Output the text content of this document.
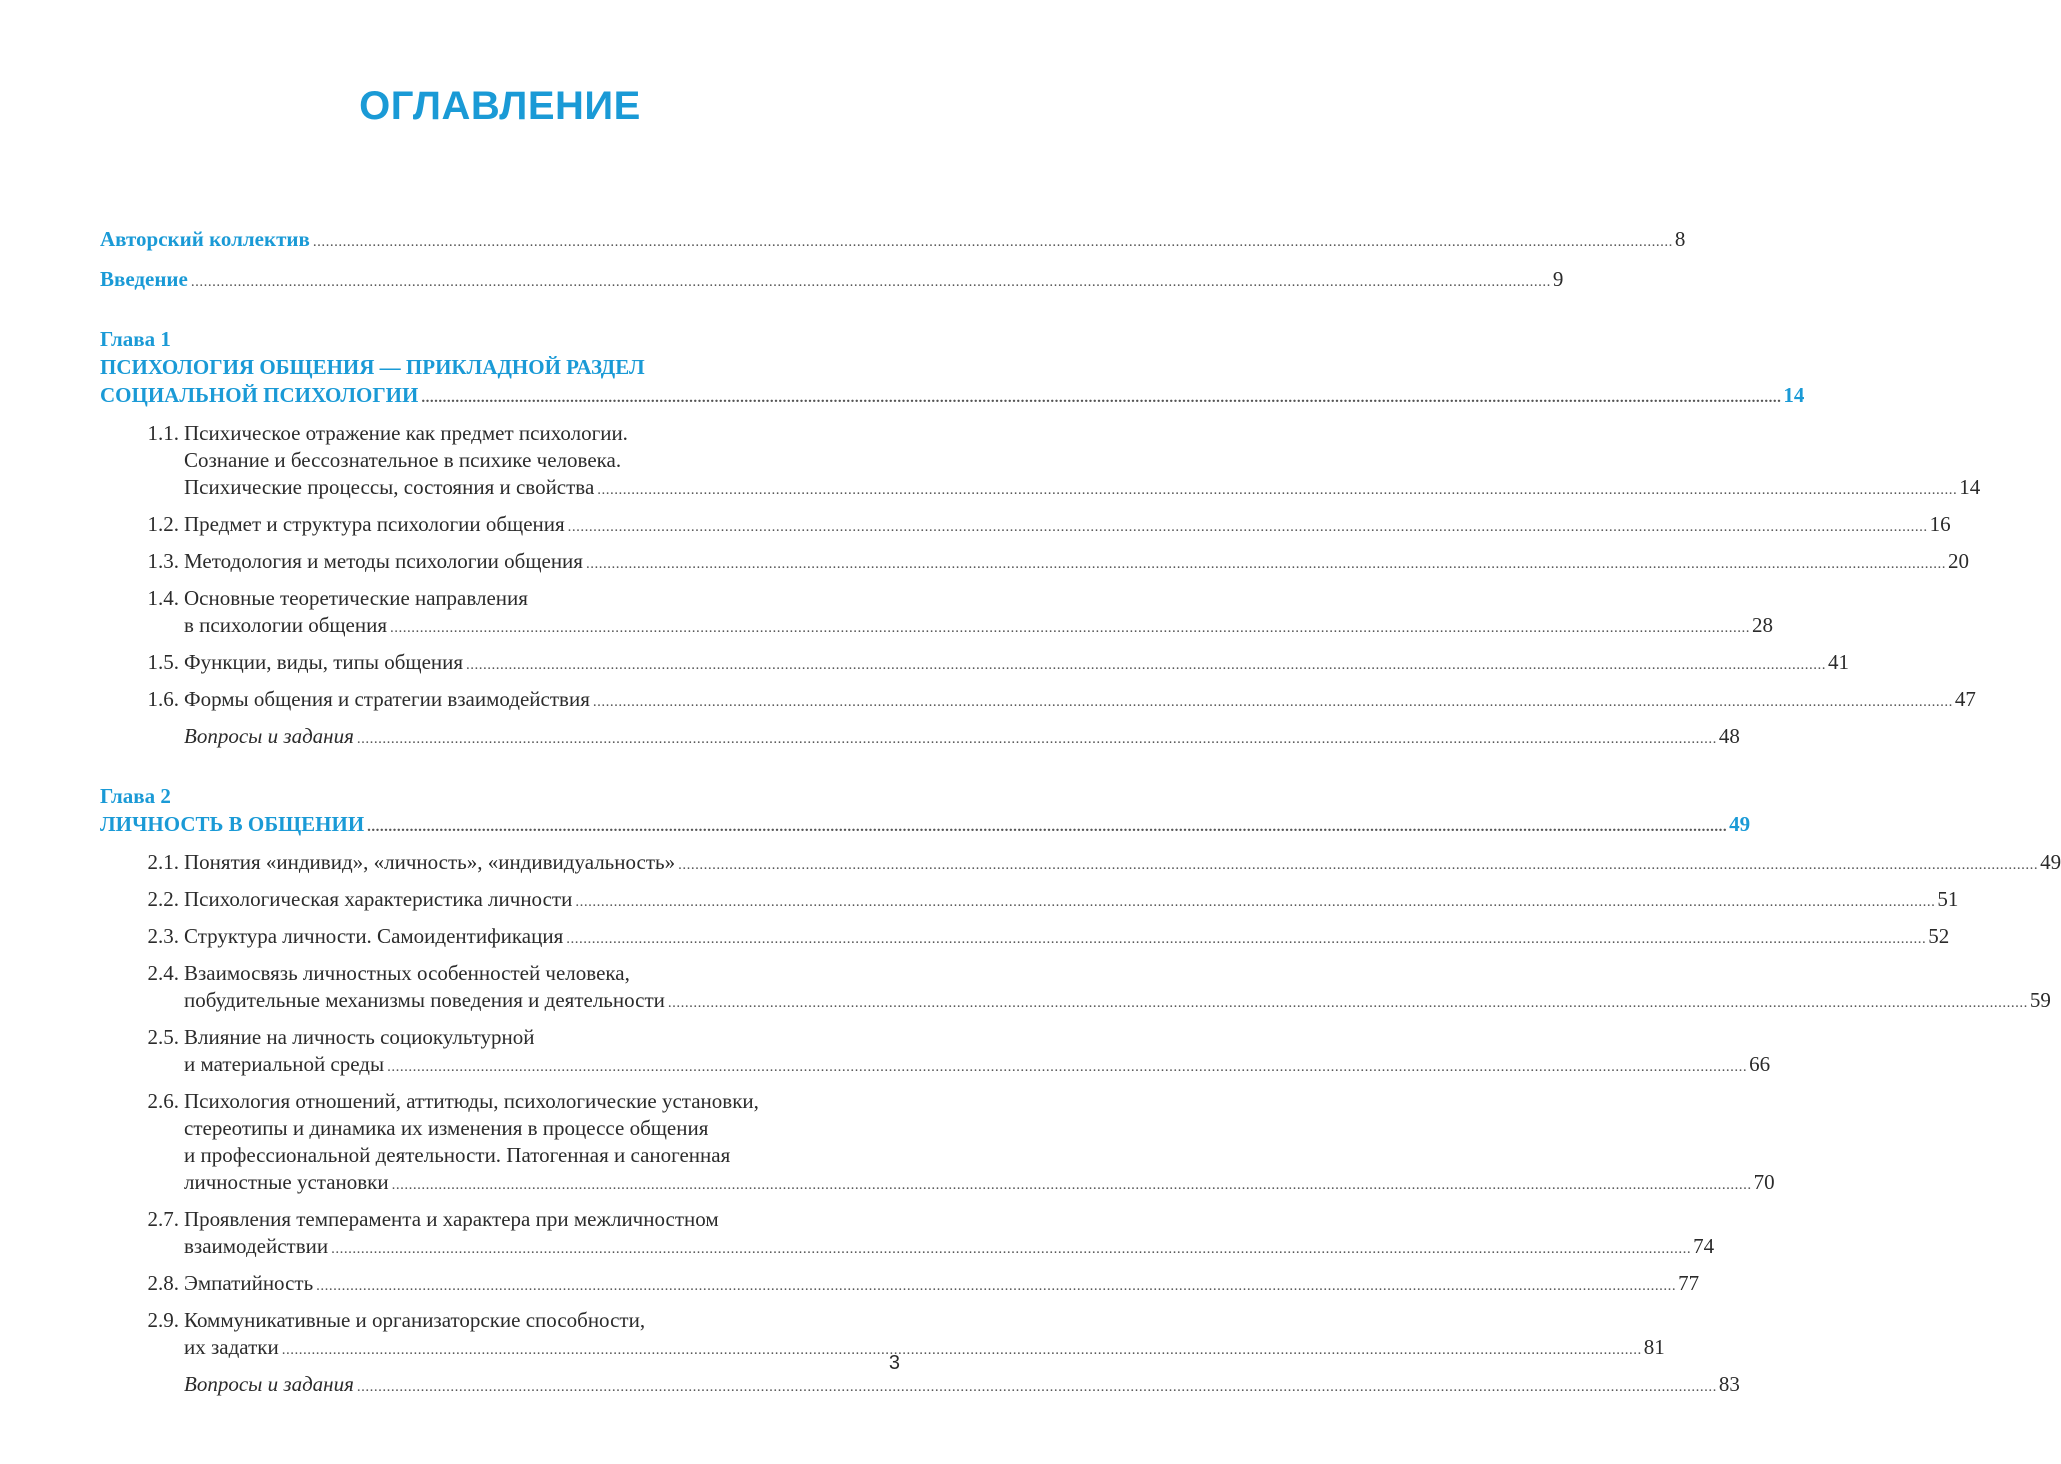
ОГЛАВЛЕНИЕ
Авторский коллектив .....	8
Введение .....	9
Глава 1
ПСИХОЛОГИЯ ОБЩЕНИЯ — ПРИКЛАДНОЙ РАЗДЕЛ
СОЦИАЛЬНОЙ ПСИХОЛОГИИ .....	14
1.1. Психическое отражение как предмет психологии.
Сознание и бессознательное в психике человека.
Психические процессы, состояния и свойства .....	14
1.2. Предмет и структура психологии общения .....	16
1.3. Методология и методы психологии общения .....	20
1.4. Основные теоретические направления
в психологии общения .....	28
1.5. Функции, виды, типы общения .....	41
1.6. Формы общения и стратегии взаимодействия .....	47
Вопросы и задания .....	48
Глава 2
ЛИЧНОСТЬ В ОБЩЕНИИ .....	49
2.1. Понятия «индивид», «личность», «индивидуальность» .....	49
2.2. Психологическая характеристика личности .....	51
2.3. Структура личности. Самоидентификация .....	52
2.4. Взаимосвязь личностных особенностей человека,
побудительные механизмы поведения и деятельности .....	59
2.5. Влияние на личность социокультурной
и материальной среды .....	66
2.6. Психология отношений, аттитюды, психологические установки,
стереотипы и динамика их изменения в процессе общения
и профессиональной деятельности. Патогенная и саногенная
личностные установки .....	70
2.7. Проявления темперамента и характера при межличностном
взаимодействии .....	74
2.8. Эмпатийность .....	77
2.9. Коммуникативные и организаторские способности,
их задатки .....	81
Вопросы и задания .....	83
3
